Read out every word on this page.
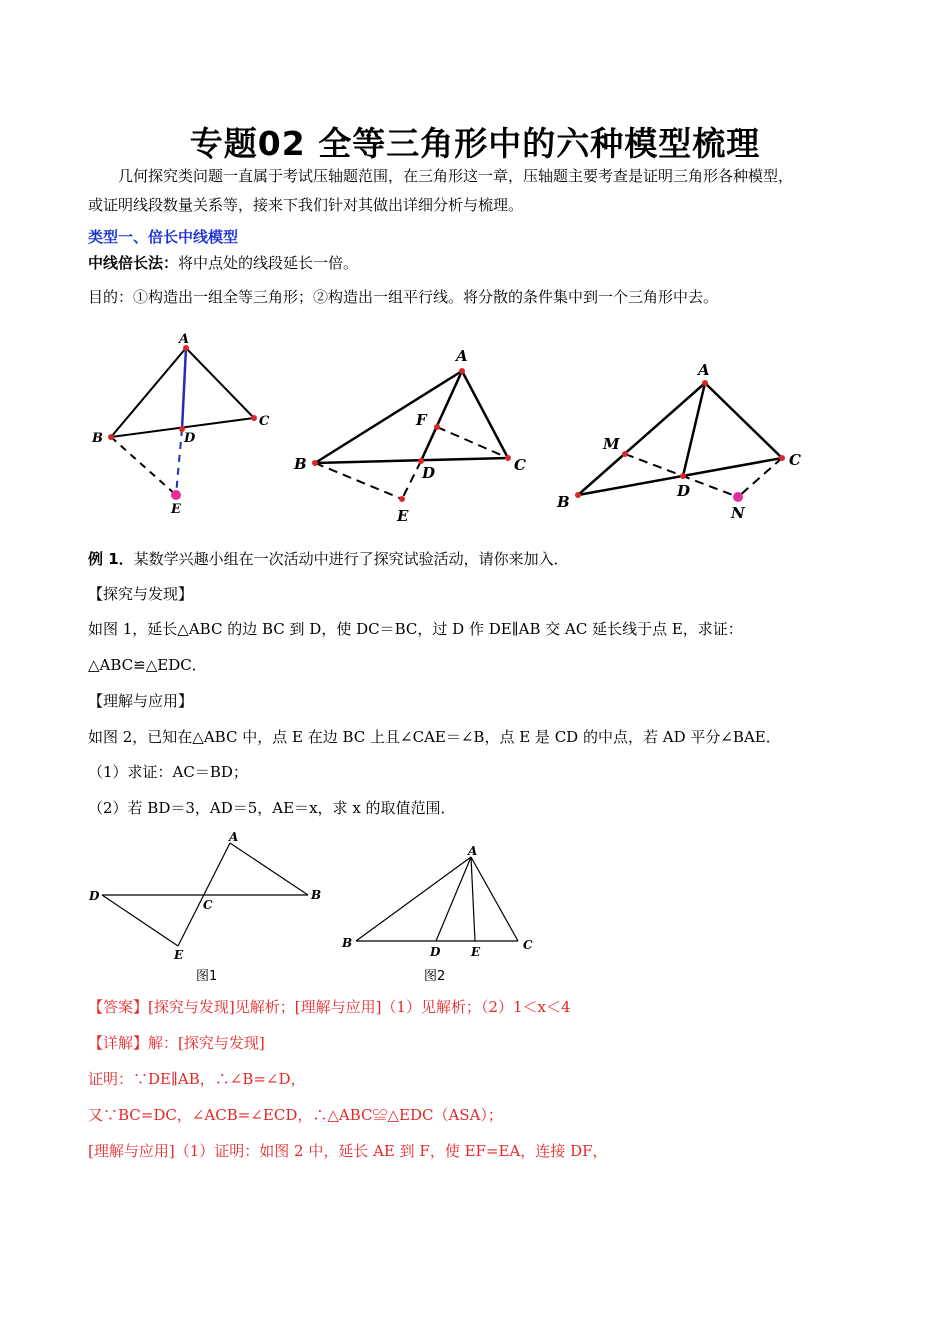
专题02 全等三角形中的六种模型梳理
几何探究类问题一直属于考试压轴题范围，在三角形这一章，压轴题主要考查是证明三角形各种模型，
或证明线段数量关系等，接来下我们针对其做出详细分析与梳理。
类型一、倍长中线模型
中线倍长法：将中点处的线段延长一倍。
目的：①构造出一组全等三角形；②构造出一组平行线。将分散的条件集中到一个三角形中去。
A
B
C
D
E
A
B	C
D
F
E
A
B
C
D
M
N
例 1．某数学兴趣小组在一次活动中进行了探究试验活动，请你来加入．
【探究与发现】
如图 1，延长△ABC 的边 BC 到 D，使 DC＝BC，过 D 作 DE∥AB 交 AC 延长线于点 E，求证：
△ABC≌△EDC．
【理解与应用】
如图 2，已知在△ABC 中，点 E 在边 BC 上且∠CAE＝∠B，点 E 是 CD 的中点，若 AD 平分∠BAE．
（1）求证：AC＝BD；
（2）若 BD＝3，AD＝5，AE＝x，求 x 的取值范围．
A
D	B
C
E
图1
A
B
D	E	C
图2
【答案】[探究与发现]见解析；[理解与应用]（1）见解析；（2）1＜x＜4
【详解】解：[探究与发现]
证明：∵DE∥AB，∴∠B=∠D，
又∵BC=DC，∠ACB=∠ECD，∴△ABC≌△EDC（ASA）；
[理解与应用]（1）证明：如图 2 中，延长 AE 到 F，使 EF=EA，连接 DF，
